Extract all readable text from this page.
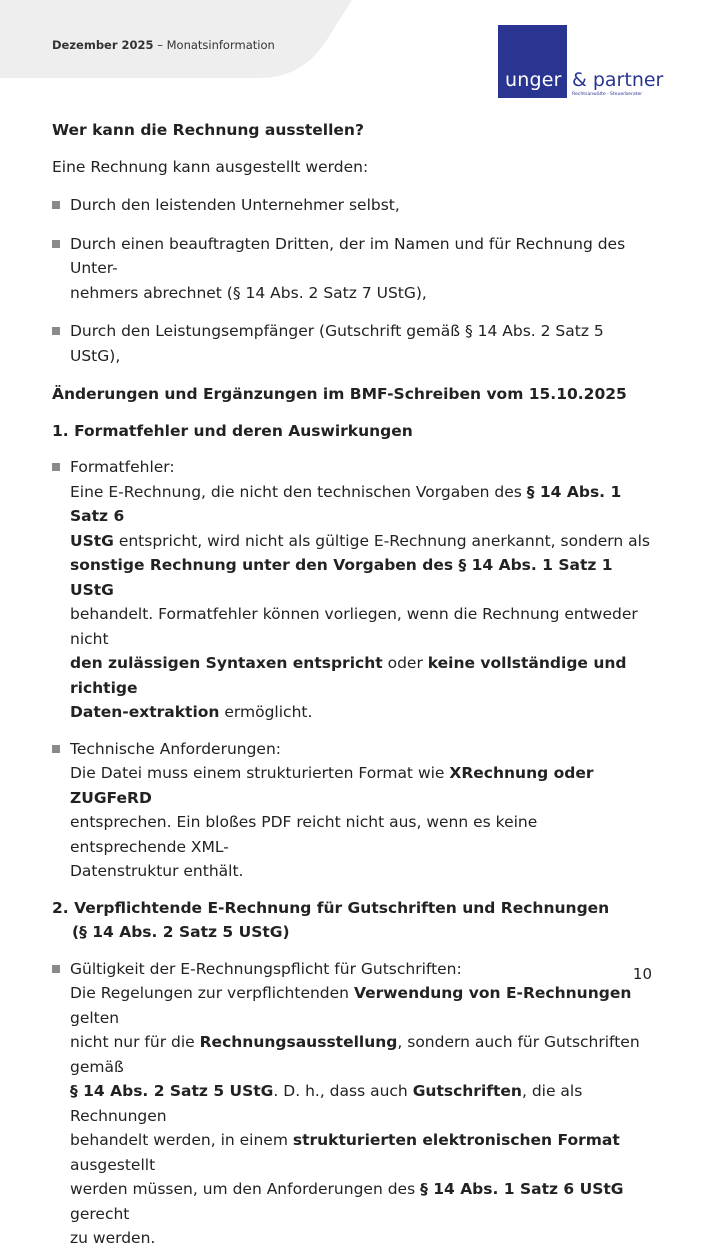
Dezember 2025 – Monatsinformation
unger & partner
Rechtsanwälte · Steuerberater

Wer kann die Rechnung ausstellen?

Eine Rechnung kann ausgestellt werden:

Durch den leistenden Unternehmer selbst,

Durch einen beauftragten Dritten, der im Namen und für Rechnung des Unter-
nehmers abrechnet (§ 14 Abs. 2 Satz 7 UStG),

Durch den Leistungsempfänger (Gutschrift gemäß § 14 Abs. 2 Satz 5 UStG),

Änderungen und Ergänzungen im BMF-Schreiben vom 15.10.2025

1. Formatfehler und deren Auswirkungen

Formatfehler:
Eine E-Rechnung, die nicht den technischen Vorgaben des § 14 Abs. 1 Satz 6
UStG entspricht, wird nicht als gültige E-Rechnung anerkannt, sondern als
sonstige Rechnung unter den Vorgaben des § 14 Abs. 1 Satz 1 UStG
behandelt. Formatfehler können vorliegen, wenn die Rechnung entweder nicht
den zulässigen Syntaxen entspricht oder keine vollständige und richtige
Daten-extraktion ermöglicht.

Technische Anforderungen:
Die Datei muss einem strukturierten Format wie XRechnung oder ZUGFeRD
entsprechen. Ein bloßes PDF reicht nicht aus, wenn es keine entsprechende XML-
Datenstruktur enthält.

2. Verpflichtende E-Rechnung für Gutschriften und Rechnungen
(§ 14 Abs. 2 Satz 5 UStG)

Gültigkeit der E-Rechnungspflicht für Gutschriften:
Die Regelungen zur verpflichtenden Verwendung von E-Rechnungen gelten
nicht nur für die Rechnungsausstellung, sondern auch für Gutschriften gemäß
§ 14 Abs. 2 Satz 5 UStG. D. h., dass auch Gutschriften, die als Rechnungen
behandelt werden, in einem strukturierten elektronischen Format ausgestellt
werden müssen, um den Anforderungen des § 14 Abs. 1 Satz 6 UStG gerecht
zu werden.

10
